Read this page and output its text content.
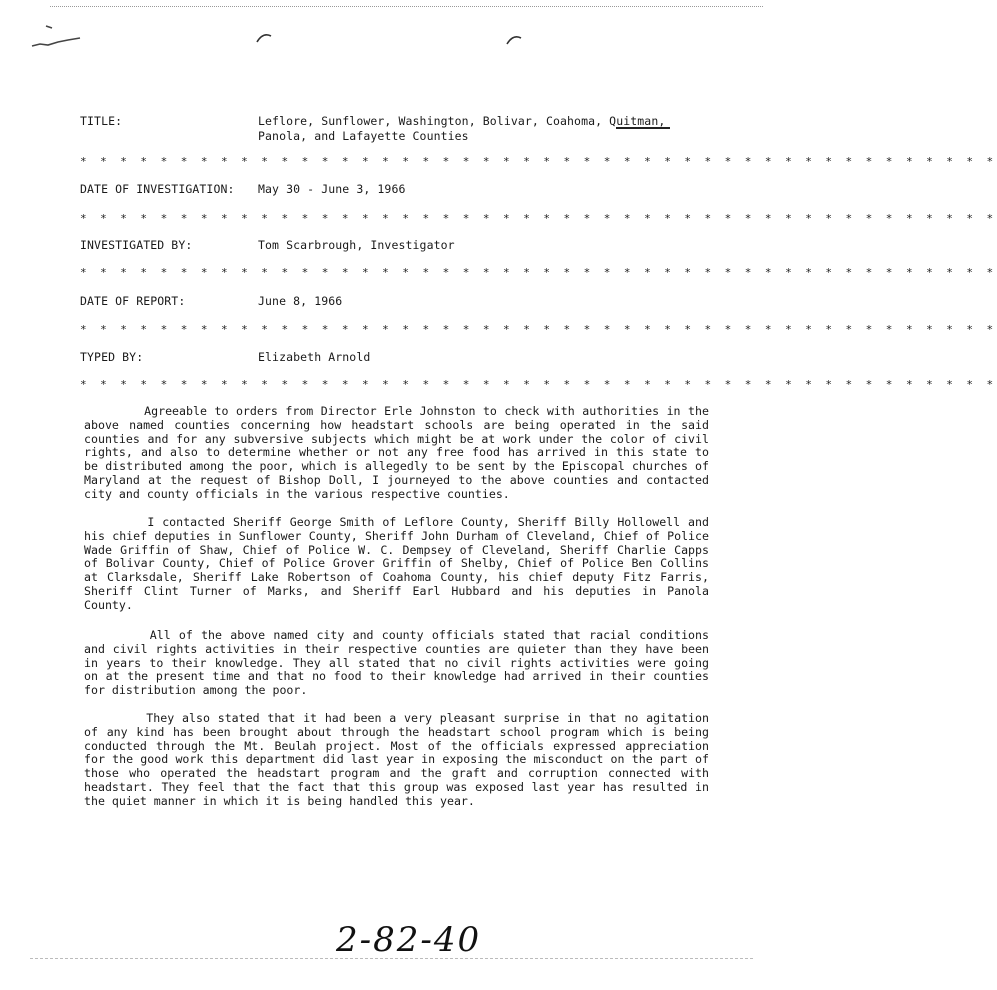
TITLE:	Leflore, Sunflower, Washington, Bolivar, Coahoma, Quitman,
Panola, and Lafayette Counties
* * * * * * * * * * * * * * * * * * * * * * * * * * * * * * * * * * * * * * * * * * * * * *
DATE OF INVESTIGATION: May 30 - June 3, 1966
* * * * * * * * * * * * * * * * * * * * * * * * * * * * * * * * * * * * * * * * * * * * * *
INVESTIGATED BY:	Tom Scarbrough, Investigator
* * * * * * * * * * * * * * * * * * * * * * * * * * * * * * * * * * * * * * * * * * * * * *
DATE OF REPORT:	June 8, 1966
* * * * * * * * * * * * * * * * * * * * * * * * * * * * * * * * * * * * * * * * * * * * * *
TYPED BY:	Elizabeth Arnold
* * * * * * * * * * * * * * * * * * * * * * * * * * * * * * * * * * * * * * * * * * * * * *

Agreeable to orders from Director Erle Johnston to check with authorities in the above named counties concerning how headstart schools are being operated in the said counties and for any subversive subjects which might be at work under the color of civil rights, and also to determine whether or not any free food has arrived in this state to be distributed among the poor, which is allegedly to be sent by the Episcopal churches of Maryland at the request of Bishop Doll, I journeyed to the above counties and contacted city and county officials in the various respective counties.

I contacted Sheriff George Smith of Leflore County, Sheriff Billy Hollowell and his chief deputies in Sunflower County, Sheriff John Durham of Cleveland, Chief of Police Wade Griffin of Shaw, Chief of Police W. C. Dempsey of Cleveland, Sheriff Charlie Capps of Bolivar County, Chief of Police Grover Griffin of Shelby, Chief of Police Ben Collins at Clarksdale, Sheriff Lake Robertson of Coahoma County, his chief deputy Fitz Farris, Sheriff Clint Turner of Marks, and Sheriff Earl Hubbard and his deputies in Panola County.

All of the above named city and county officials stated that racial conditions and civil rights activities in their respective counties are quieter than they have been in years to their knowledge. They all stated that no civil rights activities were going on at the present time and that no food to their knowledge had arrived in their counties for distribution among the poor.

They also stated that it had been a very pleasant surprise in that no agitation of any kind has been brought about through the headstart school program which is being conducted through the Mt. Beulah project. Most of the officials expressed appreciation for the good work this department did last year in exposing the misconduct on the part of those who operated the headstart program and the graft and corruption connected with headstart. They feel that the fact that this group was exposed last year has resulted in the quiet manner in which it is being handled this year.

2-82-40
